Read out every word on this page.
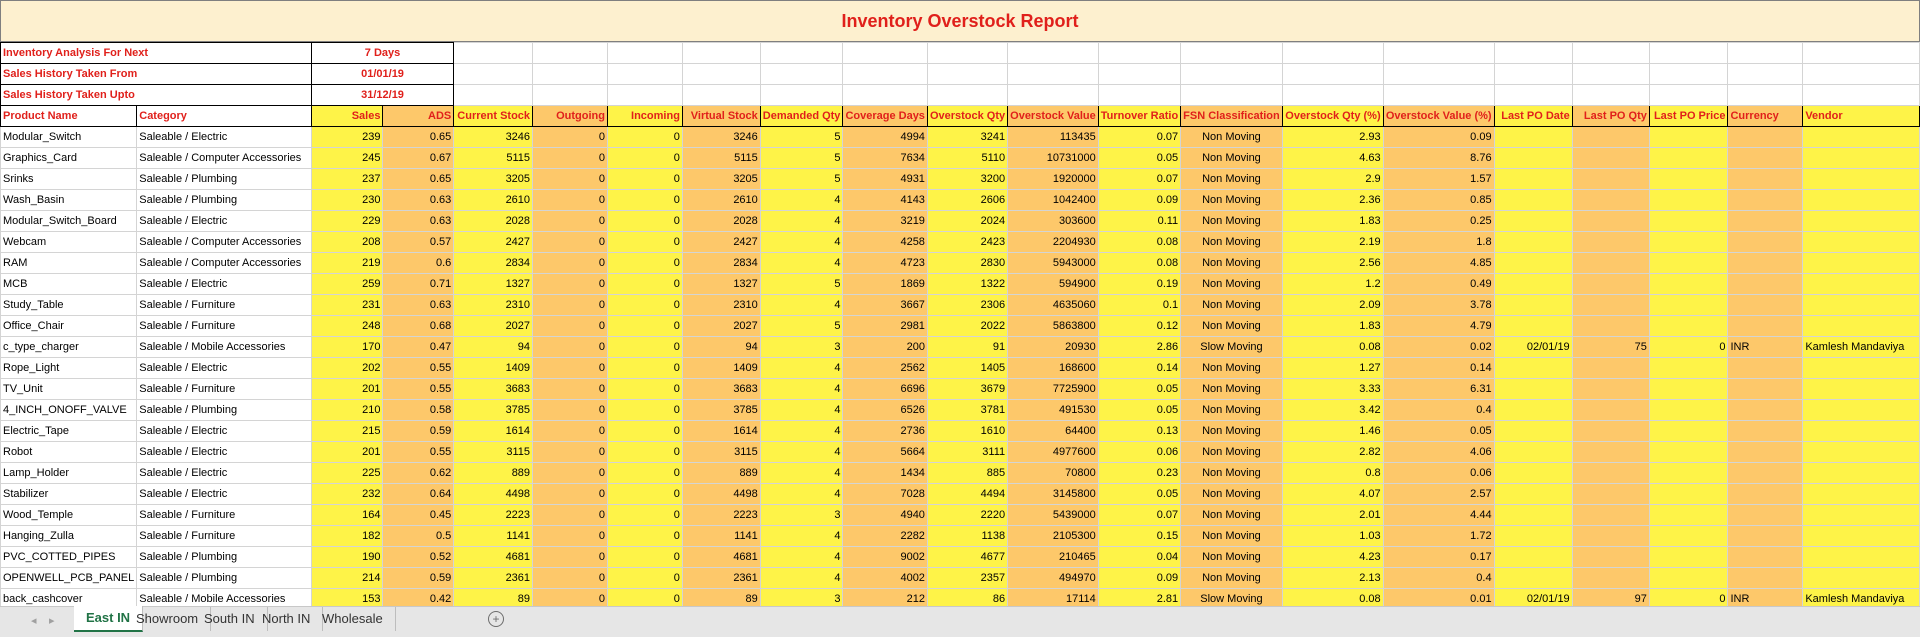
Inventory Overstock Report
Inventory Analysis For Next		7 Days																		
Sales History Taken From		01/01/19																		
Sales History Taken Upto		31/12/19																		
Product Name	Category	Sales	ADS	Current Stock	Outgoing	Incoming	Virtual Stock	Demanded Qty	Coverage Days	Overstock Qty	Overstock Value	Turnover Ratio	FSN Classification	Overstock Qty (%)	Overstock Value (%)	Last PO Date	Last PO Qty	Last PO Price	Currency	Vendor
Modular_Switch	Saleable / Electric	239	0.65	3246	0	0	3246	5	4994	3241	113435	0.07	Non Moving	2.93	0.09					
Graphics_Card	Saleable / Computer Accessories	245	0.67	5115	0	0	5115	5	7634	5110	10731000	0.05	Non Moving	4.63	8.76					
Srinks	Saleable / Plumbing	237	0.65	3205	0	0	3205	5	4931	3200	1920000	0.07	Non Moving	2.9	1.57					
Wash_Basin	Saleable / Plumbing	230	0.63	2610	0	0	2610	4	4143	2606	1042400	0.09	Non Moving	2.36	0.85					
Modular_Switch_Board	Saleable / Electric	229	0.63	2028	0	0	2028	4	3219	2024	303600	0.11	Non Moving	1.83	0.25					
Webcam	Saleable / Computer Accessories	208	0.57	2427	0	0	2427	4	4258	2423	2204930	0.08	Non Moving	2.19	1.8					
RAM	Saleable / Computer Accessories	219	0.6	2834	0	0	2834	4	4723	2830	5943000	0.08	Non Moving	2.56	4.85					
MCB	Saleable / Electric	259	0.71	1327	0	0	1327	5	1869	1322	594900	0.19	Non Moving	1.2	0.49					
Study_Table	Saleable / Furniture	231	0.63	2310	0	0	2310	4	3667	2306	4635060	0.1	Non Moving	2.09	3.78					
Office_Chair	Saleable / Furniture	248	0.68	2027	0	0	2027	5	2981	2022	5863800	0.12	Non Moving	1.83	4.79					
c_type_charger	Saleable / Mobile Accessories	170	0.47	94	0	0	94	3	200	91	20930	2.86	Slow Moving	0.08	0.02	02/01/19	75	0	INR	Kamlesh Mandaviya
Rope_Light	Saleable / Electric	202	0.55	1409	0	0	1409	4	2562	1405	168600	0.14	Non Moving	1.27	0.14					
TV_Unit	Saleable / Furniture	201	0.55	3683	0	0	3683	4	6696	3679	7725900	0.05	Non Moving	3.33	6.31					
4_INCH_ONOFF_VALVE	Saleable / Plumbing	210	0.58	3785	0	0	3785	4	6526	3781	491530	0.05	Non Moving	3.42	0.4					
Electric_Tape	Saleable / Electric	215	0.59	1614	0	0	1614	4	2736	1610	64400	0.13	Non Moving	1.46	0.05					
Robot	Saleable / Electric	201	0.55	3115	0	0	3115	4	5664	3111	4977600	0.06	Non Moving	2.82	4.06					
Lamp_Holder	Saleable / Electric	225	0.62	889	0	0	889	4	1434	885	70800	0.23	Non Moving	0.8	0.06					
Stabilizer	Saleable / Electric	232	0.64	4498	0	0	4498	4	7028	4494	3145800	0.05	Non Moving	4.07	2.57					
Wood_Temple	Saleable / Furniture	164	0.45	2223	0	0	2223	3	4940	2220	5439000	0.07	Non Moving	2.01	4.44					
Hanging_Zulla	Saleable / Furniture	182	0.5	1141	0	0	1141	4	2282	1138	2105300	0.15	Non Moving	1.03	1.72					
PVC_COTTED_PIPES	Saleable / Plumbing	190	0.52	4681	0	0	4681	4	9002	4677	210465	0.04	Non Moving	4.23	0.17					
OPENWELL_PCB_PANEL	Saleable / Plumbing	214	0.59	2361	0	0	2361	4	4002	2357	494970	0.09	Non Moving	2.13	0.4					
back_cashcover	Saleable / Mobile Accessories	153	0.42	89	0	0	89	3	212	86	17114	2.81	Slow Moving	0.08	0.01	02/01/19	97	0	INR	Kamlesh Mandaviya
◂ ▸	East IN Showroom South IN North IN Wholesale	+
